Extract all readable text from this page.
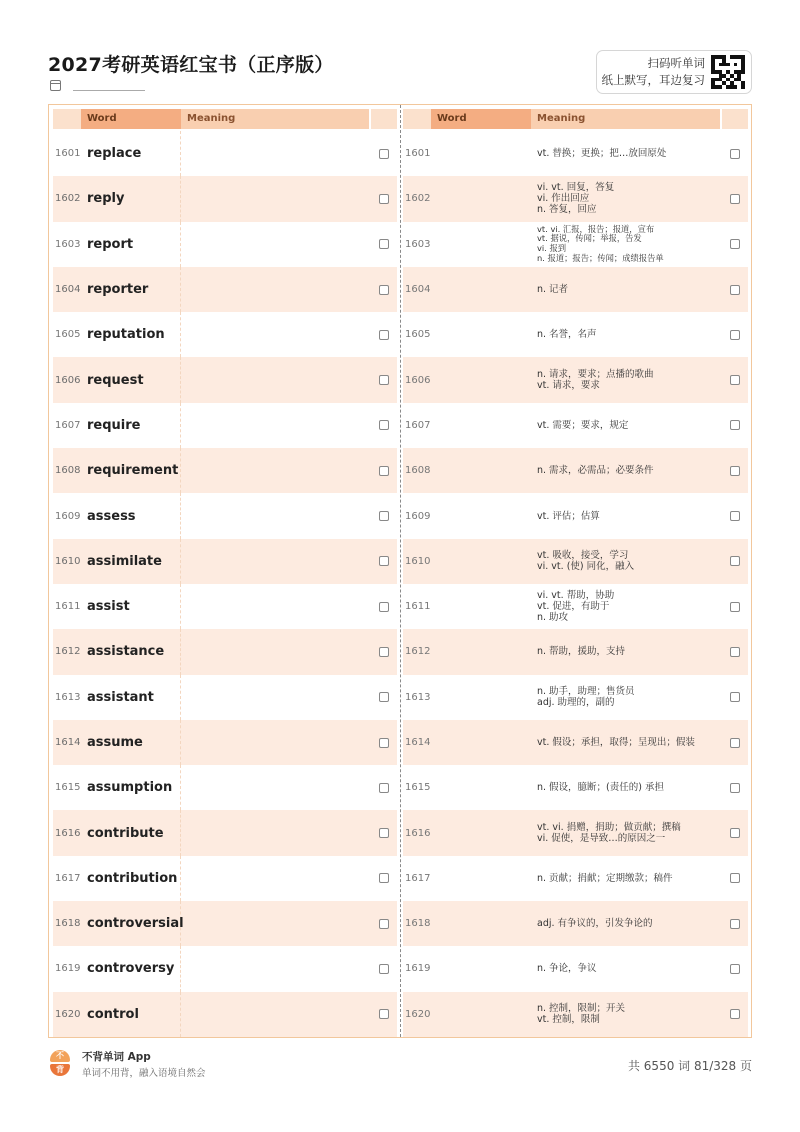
2027考研英语红宝书（正序版）	扫码听单词
纸上默写，耳边复习
Word	Meaning
1601 replace
1602 reply
1603 report
1604 reporter
1605 reputation
1606 request
1607 require
1608 requirement
1609 assess
1610 assimilate
1611 assist
1612 assistance
1613 assistant
1614 assume
1615 assumption
1616 contribute
1617 contribution
1618 controversial
1619 controversy
1620 control
Word	Meaning
1601	vt. 替换；更换；把…放回原处
1602
vi. vt. 回复，答复
vi. 作出回应
n. 答复，回应
1603
vt. vi. 汇报，报告；报道，宣布
vt. 据说，传闻；举报，告发
vi. 报到
n. 报道；报告；传闻；成绩报告单
1604	n. 记者
1605	n. 名誉，名声
1606	n. 请求，要求；点播的歌曲
vt. 请求，要求
1607	vt. 需要；要求，规定
1608	n. 需求，必需品；必要条件
1609	vt. 评估；估算
1610	vt. 吸收，接受，学习
vi. vt. (使) 同化，融入
1611
vi. vt. 帮助，协助
vt. 促进，有助于
n. 助攻
1612	n. 帮助，援助，支持
1613	n. 助手，助理；售货员
adj. 助理的，副的
1614	vt. 假设；承担，取得；呈现出；假装
1615	n. 假设，臆断；(责任的) 承担
1616	vt. vi. 捐赠，捐助；做贡献；撰稿
vi. 促使，是导致…的原因之一
1617	n. 贡献；捐献；定期缴款；稿件
1618	adj. 有争议的，引发争论的
1619	n. 争论，争议
1620	n. 控制，限制；开关
vt. 控制，限制
不
背
不背单词 App
单词不用背，融入语境自然会
共 6550 词 81/328 页
